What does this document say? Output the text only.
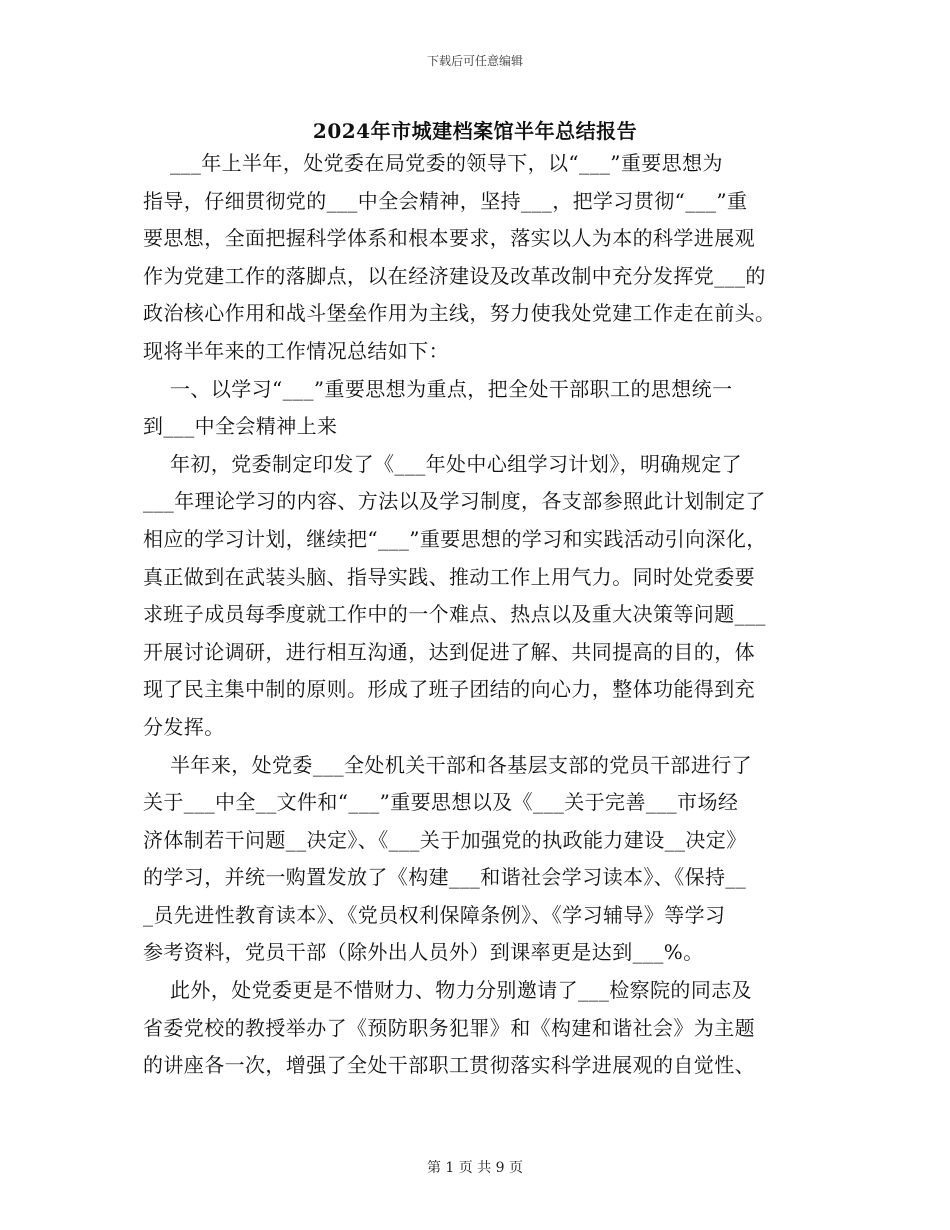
下载后可任意编辑
2024年市城建档案馆半年总结报告
___年上半年，处党委在局党委的领导下，以“___”重要思想为
指导，仔细贯彻党的___中全会精神，坚持___，把学习贯彻“___”重
要思想，全面把握科学体系和根本要求，落实以人为本的科学进展观
作为党建工作的落脚点，以在经济建设及改革改制中充分发挥党___的
政治核心作用和战斗堡垒作用为主线，努力使我处党建工作走在前头。
现将半年来的工作情况总结如下：
一、以学习“___”重要思想为重点，把全处干部职工的思想统一
到___中全会精神上来
年初，党委制定印发了《___年处中心组学习计划》，明确规定了
___年理论学习的内容、方法以及学习制度，各支部参照此计划制定了
相应的学习计划，继续把“___”重要思想的学习和实践活动引向深化，
真正做到在武装头脑、指导实践、推动工作上用气力。同时处党委要
求班子成员每季度就工作中的一个难点、热点以及重大决策等问题___
开展讨论调研，进行相互沟通，达到促进了解、共同提高的目的，体
现了民主集中制的原则。形成了班子团结的向心力，整体功能得到充
分发挥。
半年来，处党委___全处机关干部和各基层支部的党员干部进行了
关于___中全__文件和“___”重要思想以及《___关于完善___市场经
济体制若干问题__决定》、《___关于加强党的执政能力建设__决定》
的学习，并统一购置发放了《构建___和谐社会学习读本》、《保持__
_员先进性教育读本》、《党员权利保障条例》、《学习辅导》等学习
参考资料，党员干部（除外出人员外）到课率更是达到___%。
此外，处党委更是不惜财力、物力分别邀请了___检察院的同志及
省委党校的教授举办了《预防职务犯罪》和《构建和谐社会》为主题
的讲座各一次，增强了全处干部职工贯彻落实科学进展观的自觉性、
第 1 页 共 9 页
